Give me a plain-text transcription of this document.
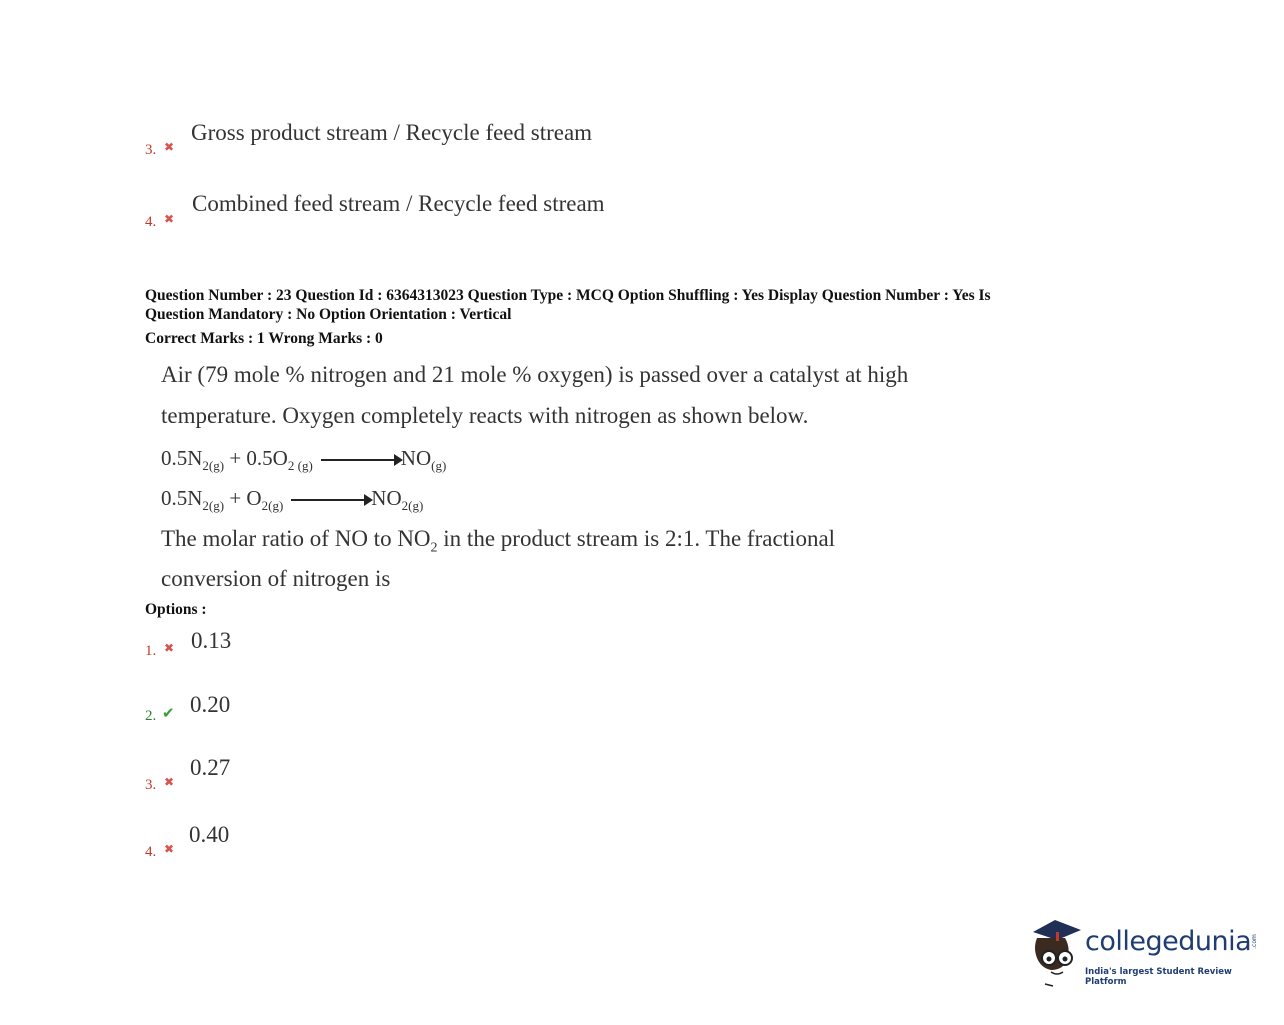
3. ✖
Gross product stream / Recycle feed stream
4. ✖
Combined feed stream / Recycle feed stream
Question Number : 23 Question Id : 6364313023 Question Type : MCQ Option Shuffling : Yes Display Question Number : Yes Is
Question Mandatory : No Option Orientation : Vertical
Correct Marks : 1 Wrong Marks : 0
Air (79 mole % nitrogen and 21 mole % oxygen) is passed over a catalyst at high
temperature. Oxygen completely reacts with nitrogen as shown below.
$0.5N_{2(g)} + 0.5O_{2 (g)} \to NO_{(g)}$
$0.5N_{2(g)} + O_{2(g)} \to NO_{2(g)}$
The molar ratio of NO to $NO_2$ in the product stream is 2:1. The fractional
conversion of nitrogen is
Options :
1. ✖ 0.13
2. ✔ 0.20
3. ✖
0.27
4. ✖
0.40
collegedunia .com
India's largest Student Review Platform
